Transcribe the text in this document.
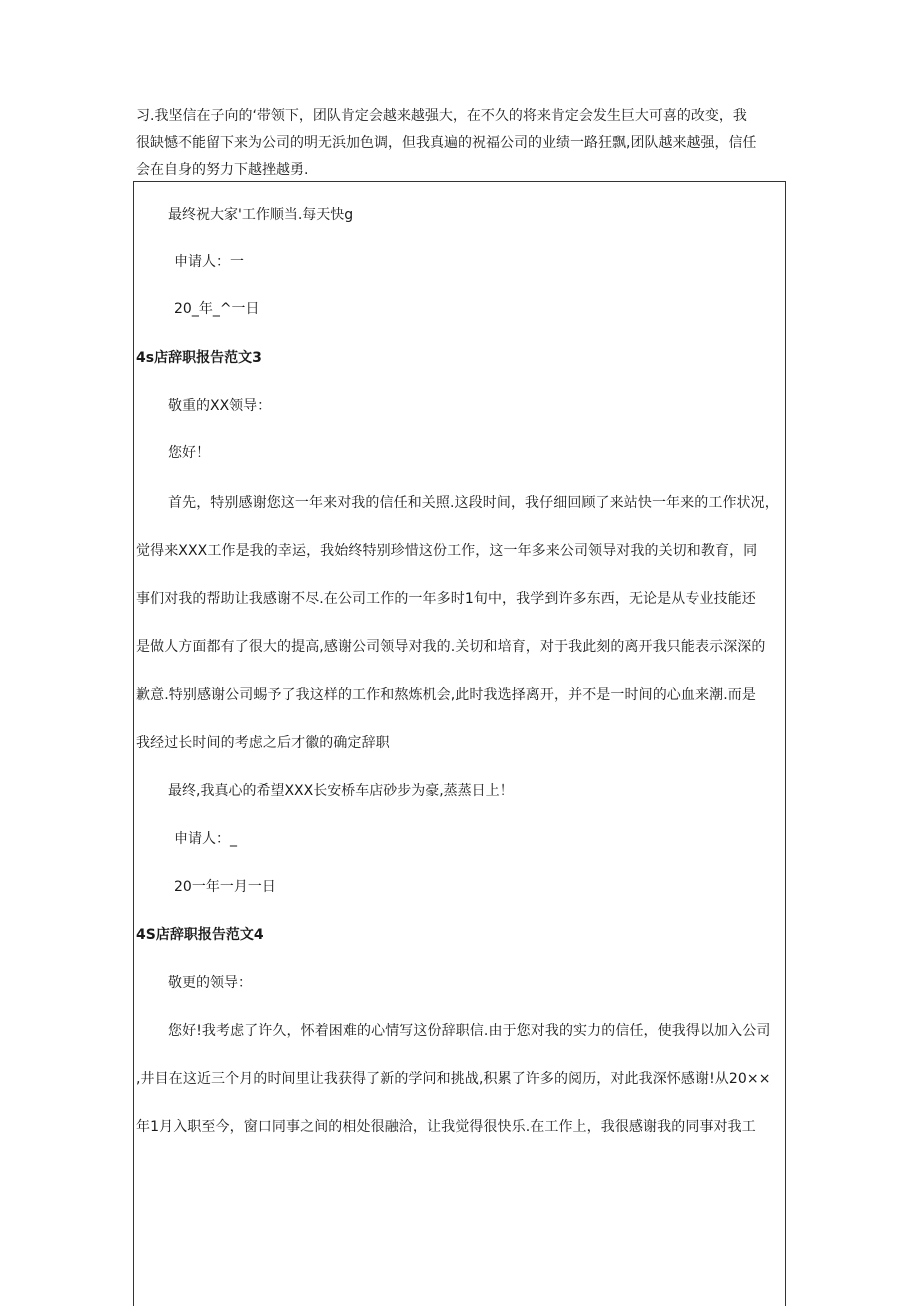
习.我坚信在子向的‘带领下，团队肯定会越来越强大，在不久的将来肯定会发生巨大可喜的改变，我
很缺憾不能留下来为公司的明无浜加色调，但我真遍的祝福公司的业绩一路狂飘,团队越来越强，信任
会在自身的努力下越挫越勇.
最终祝大家'工作顺当.每天快g
申请人：一
20_年_^一日
4s店辞职报告范文3
敬重的XX领导：
您好！
首先，特别感谢您这一年来对我的信任和关照.这段时间，我仔细回顾了来站快一年来的工作状况，
觉得来XXX工作是我的幸运，我始终特别珍惜这份工作，这一年多来公司领导对我的关切和教育，同
事们对我的帮助让我感谢不尽.在公司工作的一年多时1旬中，我学到许多东西，无论是从专业技能还
是做人方面都有了很大的提高,感谢公司领导对我的.关切和培育，对于我此刻的离开我只能表示深深的
歉意.特别感谢公司蜴予了我这样的工作和熬炼机会,此时我选择离开，并不是一时间的心血来潮.而是
我经过长时间的考虑之后才徽的确定辞职
最终,我真心的希望XXX长安桥车店砂步为豪,蒸蒸日上！
申请人：_
20一年一月一日
4S店辞职报告范文4
敬更的领导：
您好!我考虑了许久，怀着困难的心情写这份辞职信.由于您对我的实力的信任，使我得以加入公司
,井目在这近三个月的时间里让我获得了新的学问和挑战,积累了许多的阅历，对此我深怀感谢!从20××
年1月入职至今，窗口同事之间的相处很融洽，让我觉得很快乐.在工作上，我很感谢我的同事对我工
